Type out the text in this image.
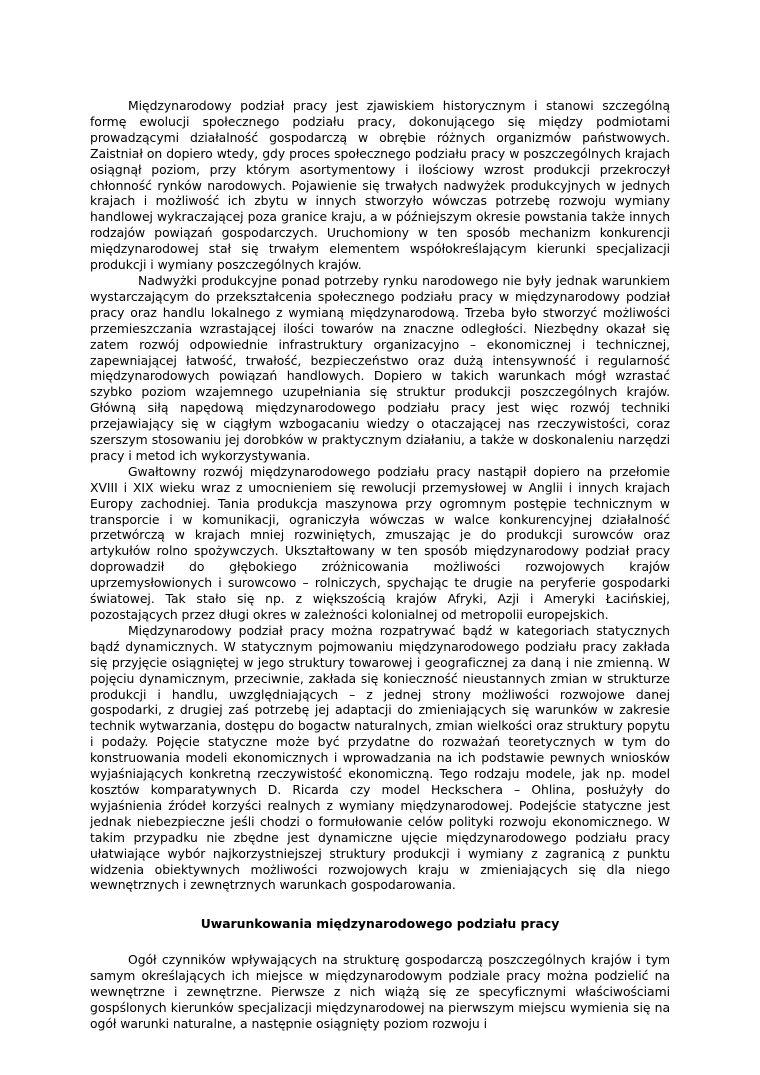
Międzynarodowy podział pracy jest zjawiskiem historycznym i stanowi szczególną formę ewolucji społecznego podziału pracy, dokonującego się między podmiotami prowadzącymi działalność gospodarczą w obrębie różnych organizmów państwowych. Zaistniał on dopiero wtedy, gdy proces społecznego podziału pracy w poszczególnych krajach osiągnął poziom, przy którym asortymentowy i ilościowy wzrost produkcji przekroczył chłonność rynków narodowych. Pojawienie się trwałych nadwyżek produkcyjnych w jednych krajach i możliwość ich zbytu w innych stworzyło wówczas potrzebę rozwoju wymiany handlowej wykraczającej poza granice kraju, a w późniejszym okresie powstania także innych rodzajów powiązań gospodarczych. Uruchomiony w ten sposób mechanizm konkurencji międzynarodowej stał się trwałym elementem współokreślającym kierunki specjalizacji produkcji i wymiany poszczególnych krajów.

Nadwyżki produkcyjne ponad potrzeby rynku narodowego nie były jednak warunkiem wystarczającym do przekształcenia społecznego podziału pracy w międzynarodowy podział pracy oraz handlu lokalnego z wymianą międzynarodową. Trzeba było stworzyć możliwości przemieszczania wzrastającej ilości towarów na znaczne odległości. Niezbędny okazał się zatem rozwój odpowiednie infrastruktury organizacyjno – ekonomicznej i technicznej, zapewniającej łatwość, trwałość, bezpieczeństwo oraz dużą intensywność i regularność międzynarodowych powiązań handlowych. Dopiero w takich warunkach mógł wzrastać szybko poziom wzajemnego uzupełniania się struktur produkcji poszczególnych krajów. Główną siłą napędową międzynarodowego podziału pracy jest więc rozwój techniki przejawiający się w ciągłym wzbogacaniu wiedzy o otaczającej nas rzeczywistości, coraz szerszym stosowaniu jej dorobków w praktycznym działaniu, a także w doskonaleniu narzędzi pracy i metod ich wykorzystywania.

Gwałtowny rozwój międzynarodowego podziału pracy nastąpił dopiero na przełomie XVIII i XIX wieku wraz z umocnieniem się rewolucji przemysłowej w Anglii i innych krajach Europy zachodniej. Tania produkcja maszynowa przy ogromnym postępie technicznym w transporcie i w komunikacji, ograniczyła wówczas w walce konkurencyjnej działalność przetwórczą w krajach mniej rozwiniętych, zmuszając je do produkcji surowców oraz artykułów rolno spożywczych. Ukształtowany w ten sposób międzynarodowy podział pracy doprowadził do głębokiego zróżnicowania możliwości rozwojowych krajów uprzemysłowionych i surowcowo – rolniczych, spychając te drugie na peryferie gospodarki światowej. Tak stało się np. z większością krajów Afryki, Azji i Ameryki Łacińskiej, pozostających przez długi okres w zależności kolonialnej od metropolii europejskich.

Międzynarodowy podział pracy można rozpatrywać bądź w kategoriach statycznych bądź dynamicznych. W statycznym pojmowaniu międzynarodowego podziału pracy zakłada się przyjęcie osiągniętej w jego struktury towarowej i geograficznej za daną i nie zmienną. W pojęciu dynamicznym, przeciwnie, zakłada się konieczność nieustannych zmian w strukturze produkcji i handlu, uwzględniających – z jednej strony możliwości rozwojowe danej gospodarki, z drugiej zaś potrzebę jej adaptacji do zmieniających się warunków w zakresie technik wytwarzania, dostępu do bogactw naturalnych, zmian wielkości oraz struktury popytu i podaży. Pojęcie statyczne może być przydatne do rozważań teoretycznych w tym do konstruowania modeli ekonomicznych i wprowadzania na ich podstawie pewnych wniosków wyjaśniających konkretną rzeczywistość ekonomiczną. Tego rodzaju modele, jak np. model kosztów komparatywnych D. Ricarda czy model Heckschera – Ohlina, posłużyły do wyjaśnienia źródeł korzyści realnych z wymiany międzynarodowej. Podejście statyczne jest jednak niebezpieczne jeśli chodzi o formułowanie celów polityki rozwoju ekonomicznego. W takim przypadku nie zbędne jest dynamiczne ujęcie międzynarodowego podziału pracy ułatwiające wybór najkorzystniejszej struktury produkcji i wymiany z zagranicą z punktu widzenia obiektywnych możliwości rozwojowych kraju w zmieniających się dla niego wewnętrznych i zewnętrznych warunkach gospodarowania.

Uwarunkowania międzynarodowego podziału pracy

Ogół czynników wpływających na strukturę gospodarczą poszczególnych krajów i tym samym określających ich miejsce w międzynarodowym podziale pracy można podzielić na wewnętrzne i zewnętrzne. Pierwsze z nich wiążą się ze specyficznymi właściwościami gospślonych kierunków specjalizacji międzynarodowej na pierwszym miejscu wymienia się na ogół warunki naturalne, a następnie osiągnięty poziom rozwoju i
